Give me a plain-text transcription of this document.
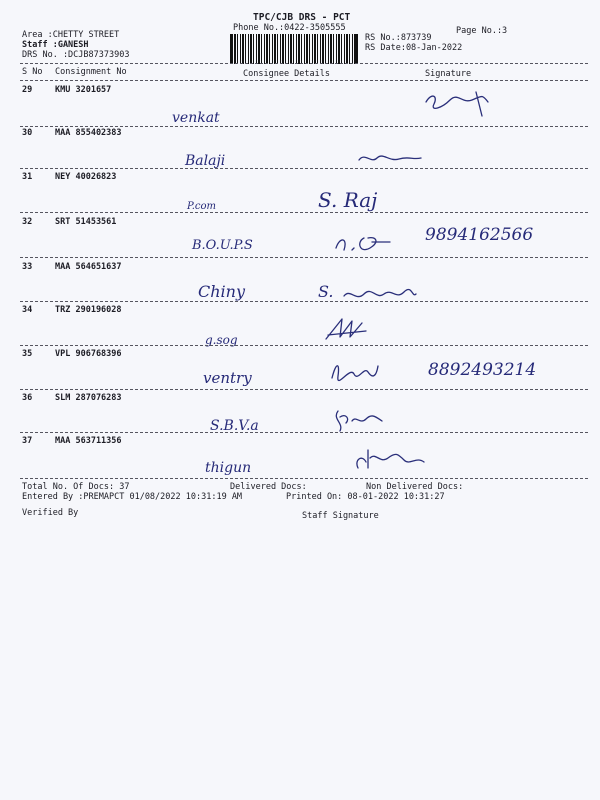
TPC/CJB DRS - PCT
Phone No.:0422-3505555	Page No.:3
Area :CHETTY STREET
Staff :GANESH
DRS No. :DCJB87373903
RS No.:873739
RS Date:08-Jan-2022
S No Consignment No	Consignee Details	Signature
29	KMU 3201657
venkat
30	MAA 855402383
Balaji
31	NEY 40026823
P.com	S. Raj
32	SRT 51453561
B.O.U.P.S
9894162566
33	MAA 564651637
Chiny	S.
34	TRZ 290196028
g.sog
35	VPL 906768396
ventry	8892493214
36	SLM 287076283
S.B.V.a
37	MAA 563711356
thigun
Total No. Of Docs: 37	Delivered Docs:	Non Delivered Docs:
Entered By :PREMAPCT 01/08/2022 10:31:19 AM	Printed On: 08-01-2022 10:31:27
Verified By	Staff Signature
